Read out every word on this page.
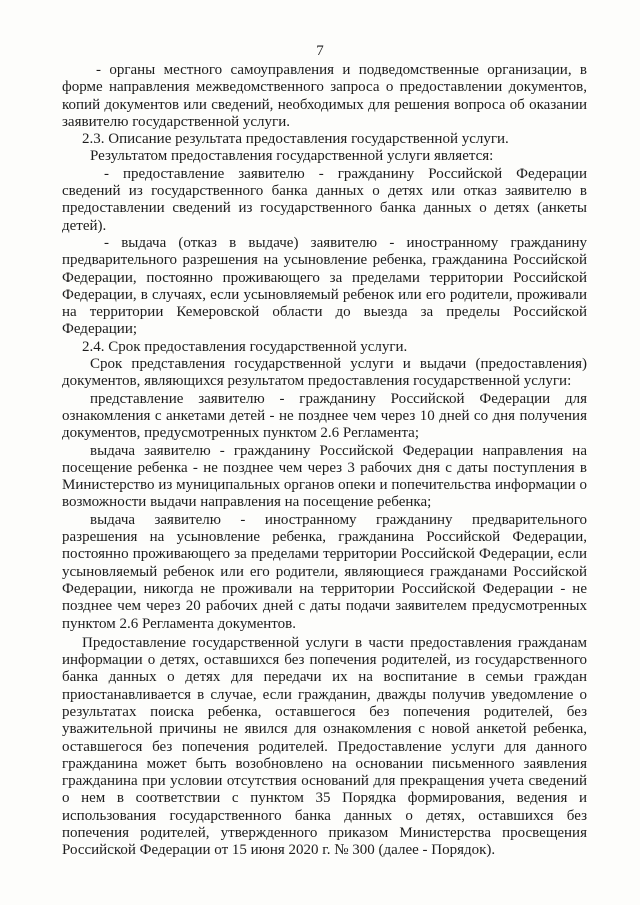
7

- органы местного самоуправления и подведомственные организации, в форме направления межведомственного запроса о предоставлении документов, копий документов или сведений, необходимых для решения вопроса об оказании заявителю государственной услуги.

2.3. Описание результата предоставления государственной услуги.

Результатом предоставления государственной услуги является:

- предоставление заявителю - гражданину Российской Федерации сведений из государственного банка данных о детях или отказ заявителю в предоставлении сведений из государственного банка данных о детях (анкеты детей).

- выдача (отказ в выдаче) заявителю - иностранному гражданину предварительного разрешения на усыновление ребенка, гражданина Российской Федерации, постоянно проживающего за пределами территории Российской Федерации, в случаях, если усыновляемый ребенок или его родители, проживали на территории Кемеровской области до выезда за пределы Российской Федерации;

2.4. Срок предоставления государственной услуги.

Срок представления государственной услуги и выдачи (предоставления) документов, являющихся результатом предоставления государственной услуги:

представление заявителю - гражданину Российской Федерации для ознакомления с анкетами детей - не позднее чем через 10 дней со дня получения документов, предусмотренных пунктом 2.6 Регламента;

выдача заявителю - гражданину Российской Федерации направления на посещение ребенка - не позднее чем через 3 рабочих дня с даты поступления в Министерство из муниципальных органов опеки и попечительства информации о возможности выдачи направления на посещение ребенка;

выдача заявителю - иностранному гражданину предварительного разрешения на усыновление ребенка, гражданина Российской Федерации, постоянно проживающего за пределами территории Российской Федерации, если усыновляемый ребенок или его родители, являющиеся гражданами Российской Федерации, никогда не проживали на территории Российской Федерации - не позднее чем через 20 рабочих дней с даты подачи заявителем предусмотренных пунктом 2.6 Регламента документов.

Предоставление государственной услуги в части предоставления гражданам информации о детях, оставшихся без попечения родителей, из государственного банка данных о детях для передачи их на воспитание в семьи граждан приостанавливается в случае, если гражданин, дважды получив уведомление о результатах поиска ребенка, оставшегося без попечения родителей, без уважительной причины не явился для ознакомления с новой анкетой ребенка, оставшегося без попечения родителей. Предоставление услуги для данного гражданина может быть возобновлено на основании письменного заявления гражданина при условии отсутствия оснований для прекращения учета сведений о нем в соответствии с пунктом 35 Порядка формирования, ведения и использования государственного банка данных о детях, оставшихся без попечения родителей, утвержденного приказом Министерства просвещения Российской Федерации от 15 июня 2020 г. № 300 (далее - Порядок).
